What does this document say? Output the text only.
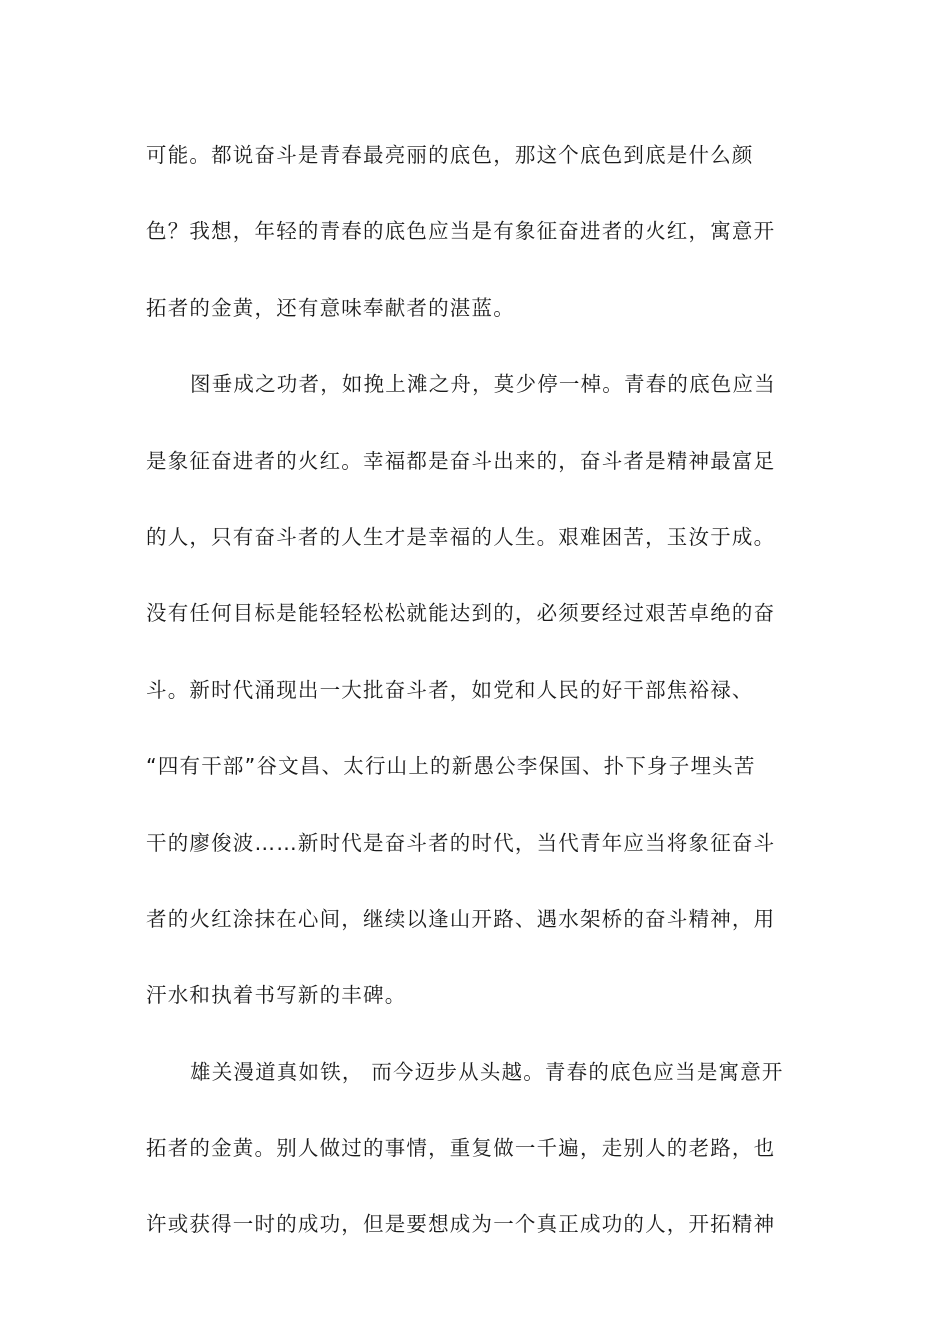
可能。都说奋斗是青春最亮丽的底色，那这个底色到底是什么颜
色？我想，年轻的青春的底色应当是有象征奋进者的火红，寓意开
拓者的金黄，还有意味奉献者的湛蓝。
图垂成之功者，如挽上滩之舟，莫少停一棹。青春的底色应当
是象征奋进者的火红。幸福都是奋斗出来的，奋斗者是精神最富足
的人，只有奋斗者的人生才是幸福的人生。艰难困苦，玉汝于成。
没有任何目标是能轻轻松松就能达到的，必须要经过艰苦卓绝的奋
斗。新时代涌现出一大批奋斗者，如党和人民的好干部焦裕禄、
“四有干部”谷文昌、太行山上的新愚公李保国、扑下身子埋头苦
干的廖俊波……新时代是奋斗者的时代，当代青年应当将象征奋斗
者的火红涂抹在心间，继续以逢山开路、遇水架桥的奋斗精神，用
汗水和执着书写新的丰碑。
雄关漫道真如铁， 而今迈步从头越。青春的底色应当是寓意开
拓者的金黄。别人做过的事情，重复做一千遍，走别人的老路，也
许或获得一时的成功，但是要想成为一个真正成功的人，开拓精神
